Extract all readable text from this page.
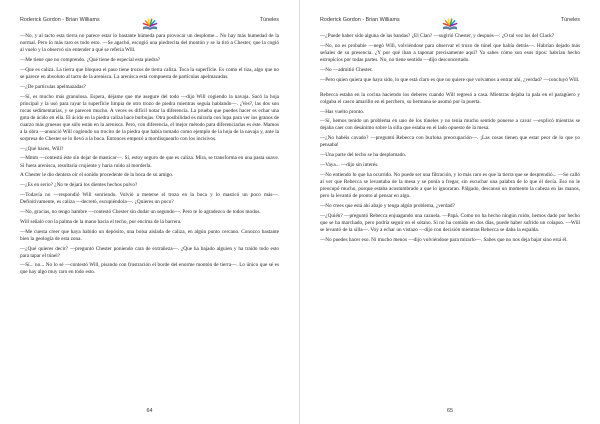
Roderick Gordon - Brian Williams	Túneles

—No, y al tacto esta tierra no parece estar lo bastante húmeda para provocar un desplome... No hay más humedad de la normal. Pero lo más raro es todo esto. —Se agachó, escogió una piedrecita del montón y se la tiró a Chester, que la cogió al vuelo y la observó sin entender a qué se refería Will.

—Me tiene que no comprendo. ¿Qué tiene de especial esta piedra?

—Que es caliza. La tierra que bloquea el paso tiene trozos de tierra caliza. Toca la superficie. Es como el tiza, algo que no se parece en absoluto al tacto de la arenisca. La arenisca está compuesta de partículas apelmazadas.

—¿De partículas apelmazadas?

—Sí, es mucho más granulosa. Espera, déjame que me asegure del todo —dijo Will cogiendo la navaja. Sacó la hoja principal y la usó para rayar la superficie limpia de otro trozo de piedra mientras seguía hablando—. ¿Ves?, las dos son rocas sedimentarias, y se parecen mucho. A veces es difícil notar la diferencia. La prueba que puedes hacer es echar una gota de ácido en ella. El ácido en la piedra caliza hace burbujas. Otra posibilidad es mirarla con lupa para ver los granos de cuarzo más gruesos que sólo están en la arenisca. Pero, con diferencia, el mejor método para diferenciarlas es éste. Mamos a la obra —anunció Will cogiendo un trocito de la piedra que había tomado como ejemplo de la hoja de la navaja y, ante la sorpresa de Chester se lo llevó a la boca. Entonces empezó a mordisquearlo con los incisivos.

—¿Qué haces, Will?

—Mmm —contestó éste sin dejar de masticar—. Sí, estoy seguro de que es caliza. Mira, se transforma en una pasta suave. Si fuera arenisca, resultaría crujiente y haría ruido al morderla.

A Chester le dio dentera oír el sonido procedente de la boca de su amigo.

—¿Es en serio? ¿No te dejará los dientes hechos polvo?

—Todavía no —respondió Will sonriendo. Volvió a meterse el trozo en la boca y lo masticó un poco más—. Definitivamente, es caliza —decretó, escupiéndola—. ¿Quieres un poco?

—No, gracias, no tengo hambre —contestó Chester sin dudar un segundo—. Pero te lo agradezco de todos modos.

Will señaló con la palma de la mano hacia el techo, por encima de la barrera.

—Me cuesta creer que haya habido un depósito, una bolsa aislada de caliza, en algún punto cercano. Conozco bastante bien la geología de esta zona.

—¿Qué quieres decir? —preguntó Chester poniendo cara de extrañeza—. ¿Que ha bajado alguien y ha traído todo esto para tapar el túnel?

—Sí... no... No lo sé —contestó Will, pisando con frustración el borde del enorme montón de tierra—. Lo único que sé es que hay algo muy raro en todo esto.

64
Roderick Gordon - Brian Williams	Túneles

—¿Puede haber sido alguna de las bandas? ¿El Clan? —sugirió Chester, y después—: ¿O tal vez los del Clack?

—No, no es probable —negó Will, volviéndose para observar el trozo de túnel que había detrás—. Habrían dejado más señales de su presencia. ¿Y por qué iban a taponar precisamente aquí? Ya sabes cómo son esos tipos: habrían hecho estropicios por todas partes. No, no tiene sentido —dijo desconcertado.

—No —admitió Chester.

—Pero quien quiera que haya sido, lo que está claro es que no quiere que volvamos a entrar ahí, ¿verdad? —concluyó Will.

Rebecca estaba en la cocina haciendo los deberes cuando Will regresó a casa. Mientras dejaba la pala en el paragüero y colgaba el casco amarillo en el perchero, su hermana se asomó por la puerta.

—Has vuelto pronto.

—Sí, hemos tenido un problema en uno de los túneles y no tenía mucho sentido ponerse a cavar —explicó mientras se dejaba caer con desánimo sobre la silla que estaba en el lado opuesto de la mesa.

—¿No habéis cavado? —preguntó Rebecca con burlona preocupación—. ¡Las cosas tienen que estar peor de lo que yo pensaba!

—Una parte del techo se ha desplomado.

—Vaya... —dijo sin interés.

—No entiendo lo que ha ocurrido. No puede ser una filtración, y lo más raro es que la tierra que se desprendió... —Se calló al ver que Rebecca se levantaba de la mesa y se ponía a fregar, sin escuchar una palabra de lo que él decía. Eso no le preocupó mucho, porque estaba acostumbrado a que lo ignoraran. Pálgado, descansó un momento la cabeza en las manos, pero la levantó de pronto al pensar en algo.

—No crees que está ahí abajo y tenga algún problema, ¿verdad?

—¿Quién? —preguntó Rebecca enjuagando una cazuela. —Papá. Como no ha hecho ningún ruido, hemos dado por hecho que se ha marchado, pero podría seguir en el sótano. Si no ha comido en dos días, puede haber sufrido un colapso. —Will se levantó de la silla—. Voy a echar un vistazo —dijo con decisión mientras Rebecca se daba la espalda.

—No puedes hacer eso. Ni mucho menos —dijo volviéndose para mirarlo—. Sabes que no nos deja bajar sino está él.

65
